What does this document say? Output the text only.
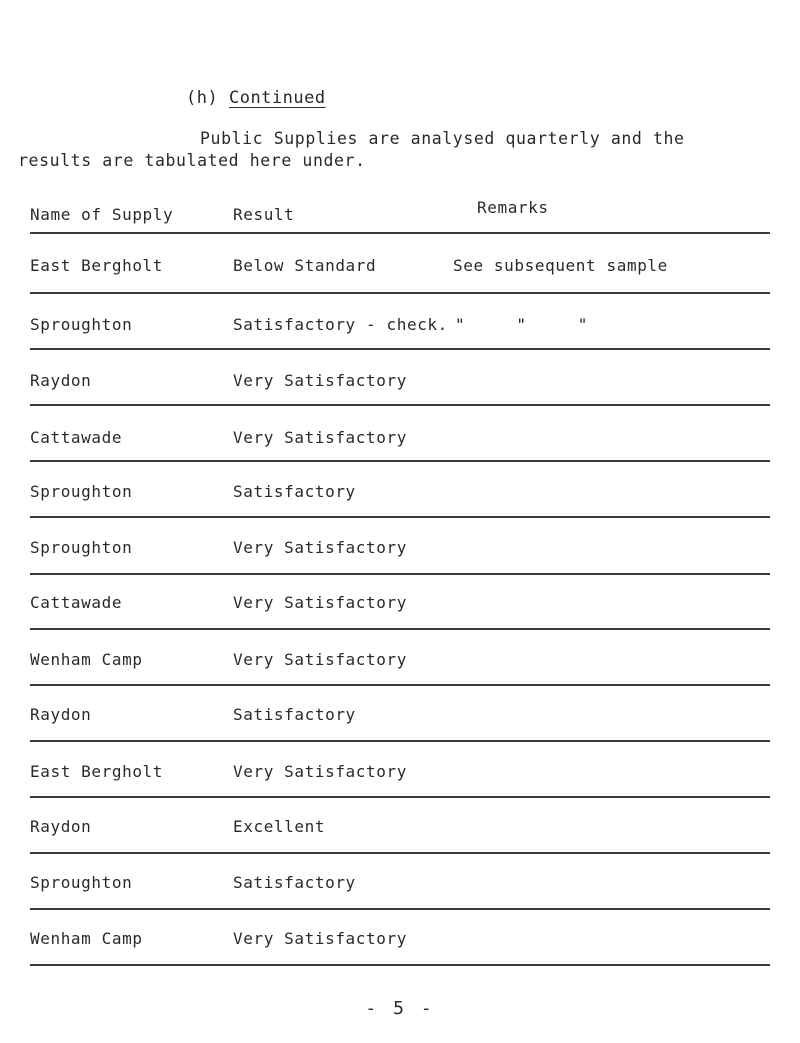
(h) Continued
Public Supplies are analysed quarterly and the
results are tabulated here under.
Name of Supply	Result	Remarks
East Bergholt	Below Standard	See subsequent sample
Sproughton	Satisfactory - check. "     "     "
Raydon	Very Satisfactory
Cattawade	Very Satisfactory
Sproughton	Satisfactory
Sproughton	Very Satisfactory
Cattawade	Very Satisfactory
Wenham Camp	Very Satisfactory
Raydon	Satisfactory
East Bergholt	Very Satisfactory
Raydon	Excellent
Sproughton	Satisfactory
Wenham Camp	Very Satisfactory
- 5 -
